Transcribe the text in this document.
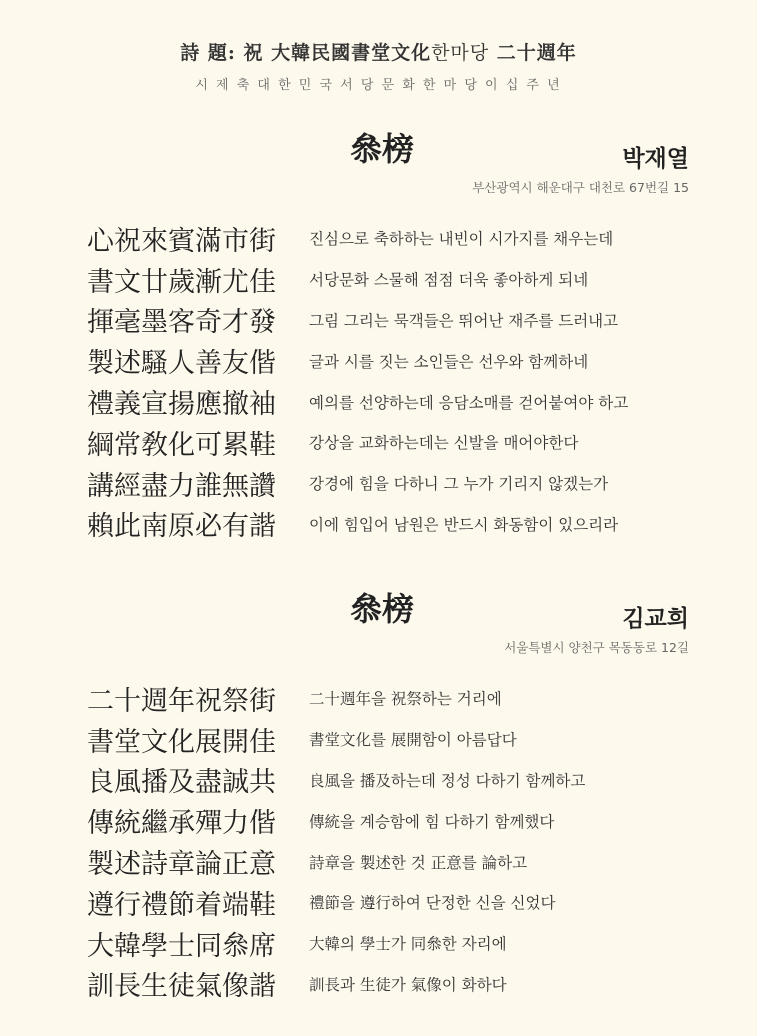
詩 題: 祝 大韓民國書堂文化한마당 二十週年
시 제 축 대 한 민 국 서 당 문 화 한 마 당 이 십 주 년
叅榜	박재열
부산광역시 해운대구 대천로 67번길 15
心祝來賓滿市街	진심으로 축하하는 내빈이 시가지를 채우는데
書文廿歲漸尤佳	서당문화 스물해 점점 더욱 좋아하게 되네
揮毫墨客奇才發	그림 그리는 묵객들은 뛰어난 재주를 드러내고
製述騷人善友偕	글과 시를 짓는 소인들은 선우와 함께하네
禮義宣揚應撤袖	예의를 선양하는데 응담소매를 걷어붙여야 하고
綱常敎化可累鞋	강상을 교화하는데는 신발을 매어야한다
講經盡力誰無讚	강경에 힘을 다하니 그 누가 기리지 않겠는가
賴此南原必有諧	이에 힘입어 남원은 반드시 화동함이 있으리라
叅榜	김교희
서울특별시 양천구 목동동로 12길
二十週年祝祭街	二十週年을 祝祭하는 거리에
書堂文化展開佳	書堂文化를 展開함이 아름답다
良風播及盡誠共	良風을 播及하는데 정성 다하기 함께하고
傳統繼承殫力偕	傳統을 계승함에 힘 다하기 함께했다
製述詩章論正意	詩章을 製述한 것 正意를 論하고
遵行禮節着端鞋	禮節을 遵行하여 단정한 신을 신었다
大韓學士同叅席	大韓의 學士가 同叅한 자리에
訓長生徒氣像諧	訓長과 生徒가 氣像이 화하다
